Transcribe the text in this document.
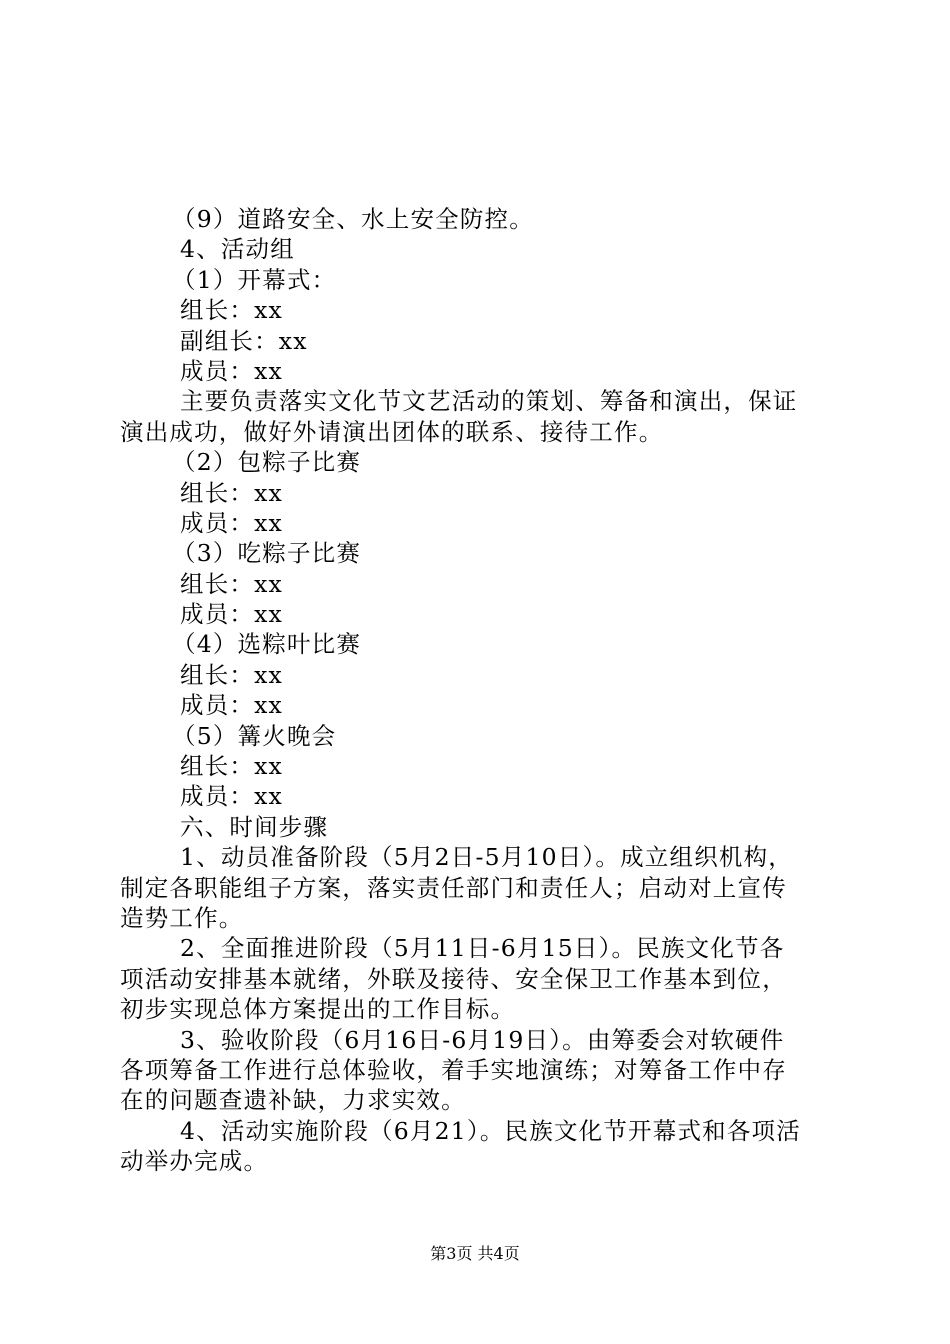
（9）道路安全、水上安全防控。
4、活动组
（1）开幕式：
组长：xx
副组长：xx
成员：xx
主要负责落实文化节文艺活动的策划、筹备和演出，保证
演出成功，做好外请演出团体的联系、接待工作。
（2）包粽子比赛
组长：xx
成员：xx
（3）吃粽子比赛
组长：xx
成员：xx
（4）选粽叶比赛
组长：xx
成员：xx
（5）篝火晚会
组长：xx
成员：xx
六、时间步骤
1、动员准备阶段（5月2日-5月10日）。成立组织机构，
制定各职能组子方案，落实责任部门和责任人；启动对上宣传
造势工作。
2、全面推进阶段（5月11日-6月15日）。民族文化节各
项活动安排基本就绪，外联及接待、安全保卫工作基本到位，
初步实现总体方案提出的工作目标。
3、验收阶段（6月16日-6月19日）。由筹委会对软硬件
各项筹备工作进行总体验收，着手实地演练；对筹备工作中存
在的问题查遗补缺，力求实效。
4、活动实施阶段（6月21）。民族文化节开幕式和各项活
动举办完成。
第3页 共4页
